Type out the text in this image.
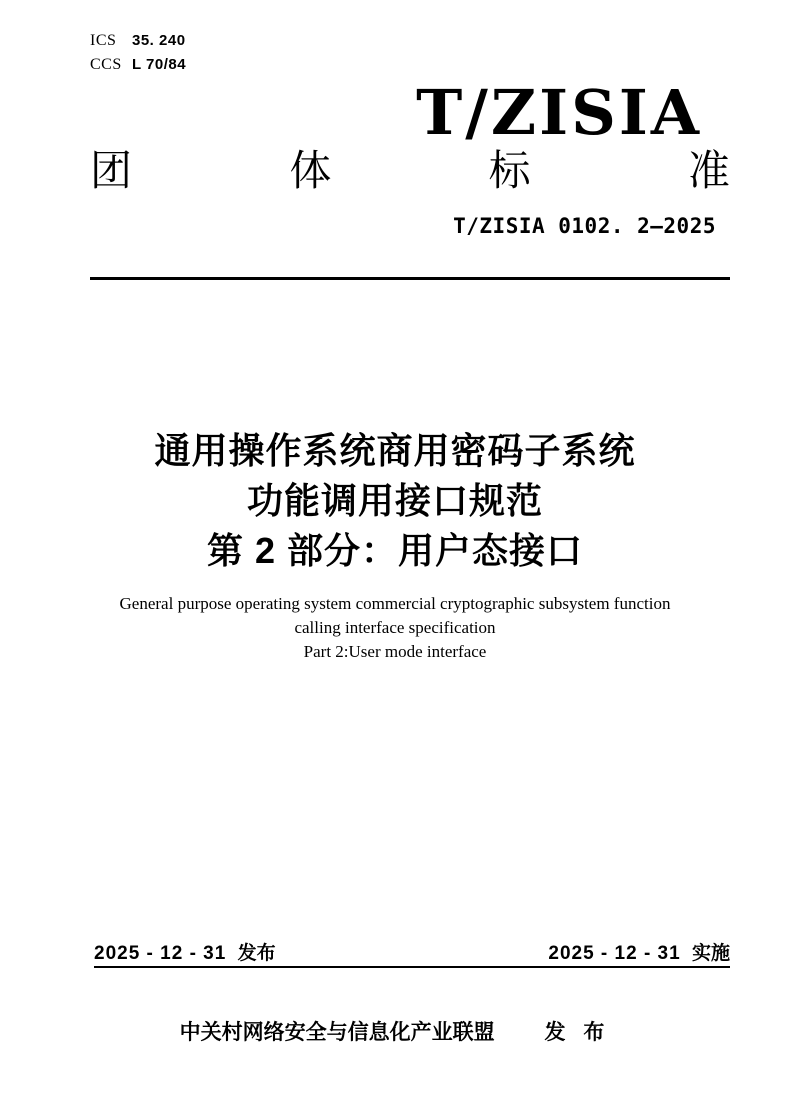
ICS	35. 240
CCS L 70/84
T/ZISIA
团	体	标	准
T/ZISIA 0102. 2—2025
通用操作系统商用密码子系统
功能调用接口规范
第 2 部分：用户态接口
General purpose operating system commercial cryptographic subsystem function
calling interface specification
Part 2:User mode interface
2025 - 12 - 31 发布	2025 - 12 - 31 实施
中关村网络安全与信息化产业联盟 发 布
